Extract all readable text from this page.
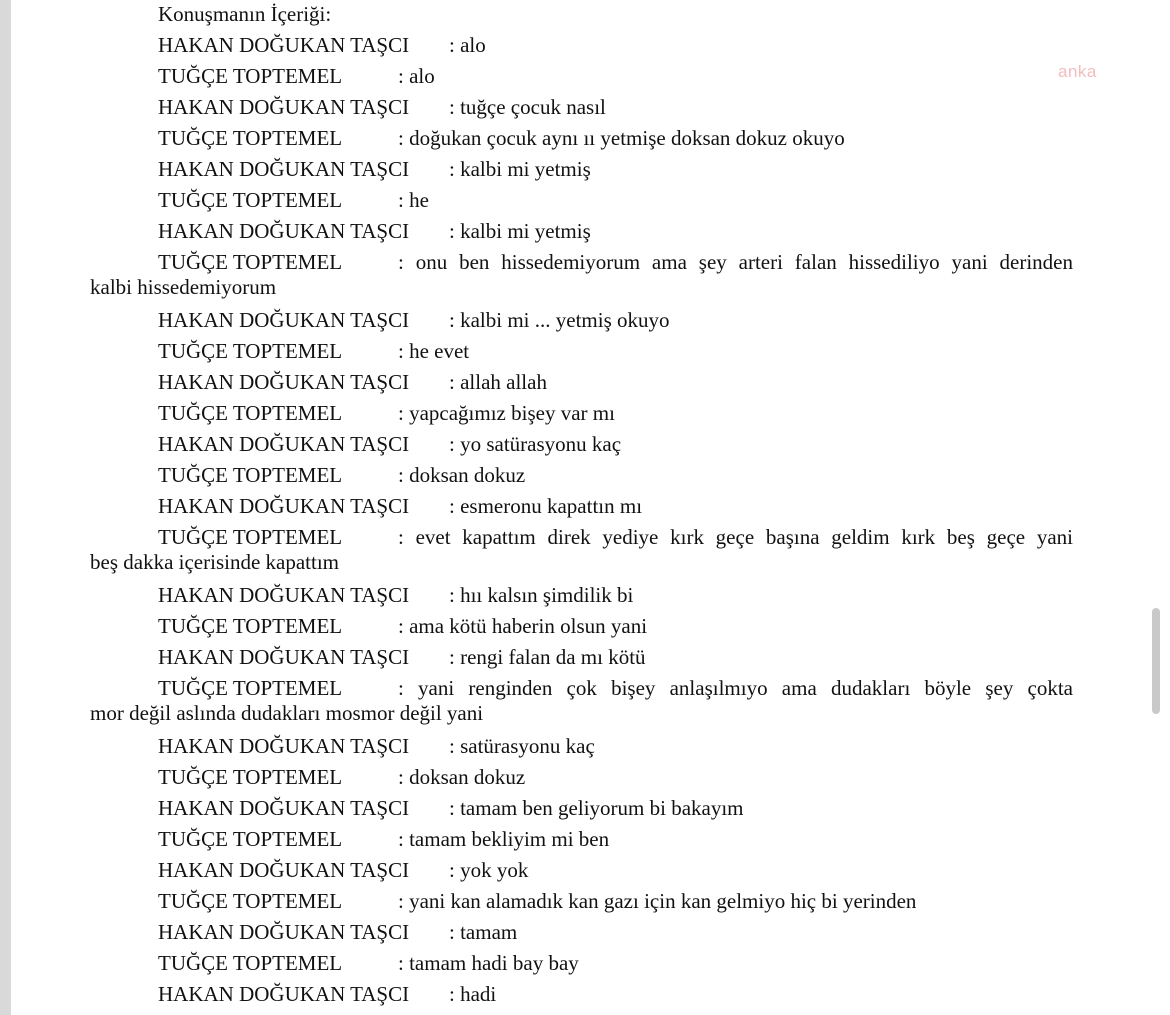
Konuşmanın İçeriği:
anka
HAKAN DOĞUKAN TAŞCI : alo
TUĞÇE TOPTEMEL	: alo
HAKAN DOĞUKAN TAŞCI : tuğçe çocuk nasıl
TUĞÇE TOPTEMEL	: doğukan çocuk aynı ıı yetmişe doksan dokuz okuyo
HAKAN DOĞUKAN TAŞCI : kalbi mi yetmiş
TUĞÇE TOPTEMEL	: he
HAKAN DOĞUKAN TAŞCI : kalbi mi yetmiş
TUĞÇE TOPTEMEL	: onu ben hissedemiyorum ama şey arteri falan hissediliyo yani derinden
kalbi hissedemiyorum
HAKAN DOĞUKAN TAŞCI : kalbi mi ... yetmiş okuyo
TUĞÇE TOPTEMEL	: he evet
HAKAN DOĞUKAN TAŞCI : allah allah
TUĞÇE TOPTEMEL	: yapcağımız bişey var mı
HAKAN DOĞUKAN TAŞCI : yo satürasyonu kaç
TUĞÇE TOPTEMEL	: doksan dokuz
HAKAN DOĞUKAN TAŞCI : esmeronu kapattın mı
TUĞÇE TOPTEMEL	: evet kapattım direk yediye kırk geçe başına geldim kırk beş geçe yani
beş dakka içerisinde kapattım
HAKAN DOĞUKAN TAŞCI : hıı kalsın şimdilik bi
TUĞÇE TOPTEMEL	: ama kötü haberin olsun yani
HAKAN DOĞUKAN TAŞCI : rengi falan da mı kötü
TUĞÇE TOPTEMEL	: yani renginden çok bişey anlaşılmıyo ama dudakları böyle şey çokta
mor değil aslında dudakları mosmor değil yani
HAKAN DOĞUKAN TAŞCI : satürasyonu kaç
TUĞÇE TOPTEMEL	: doksan dokuz
HAKAN DOĞUKAN TAŞCI : tamam ben geliyorum bi bakayım
TUĞÇE TOPTEMEL	: tamam bekliyim mi ben
HAKAN DOĞUKAN TAŞCI : yok yok
TUĞÇE TOPTEMEL	: yani kan alamadık kan gazı için kan gelmiyo hiç bi yerinden
HAKAN DOĞUKAN TAŞCI : tamam
TUĞÇE TOPTEMEL	: tamam hadi bay bay
HAKAN DOĞUKAN TAŞCI : hadi
